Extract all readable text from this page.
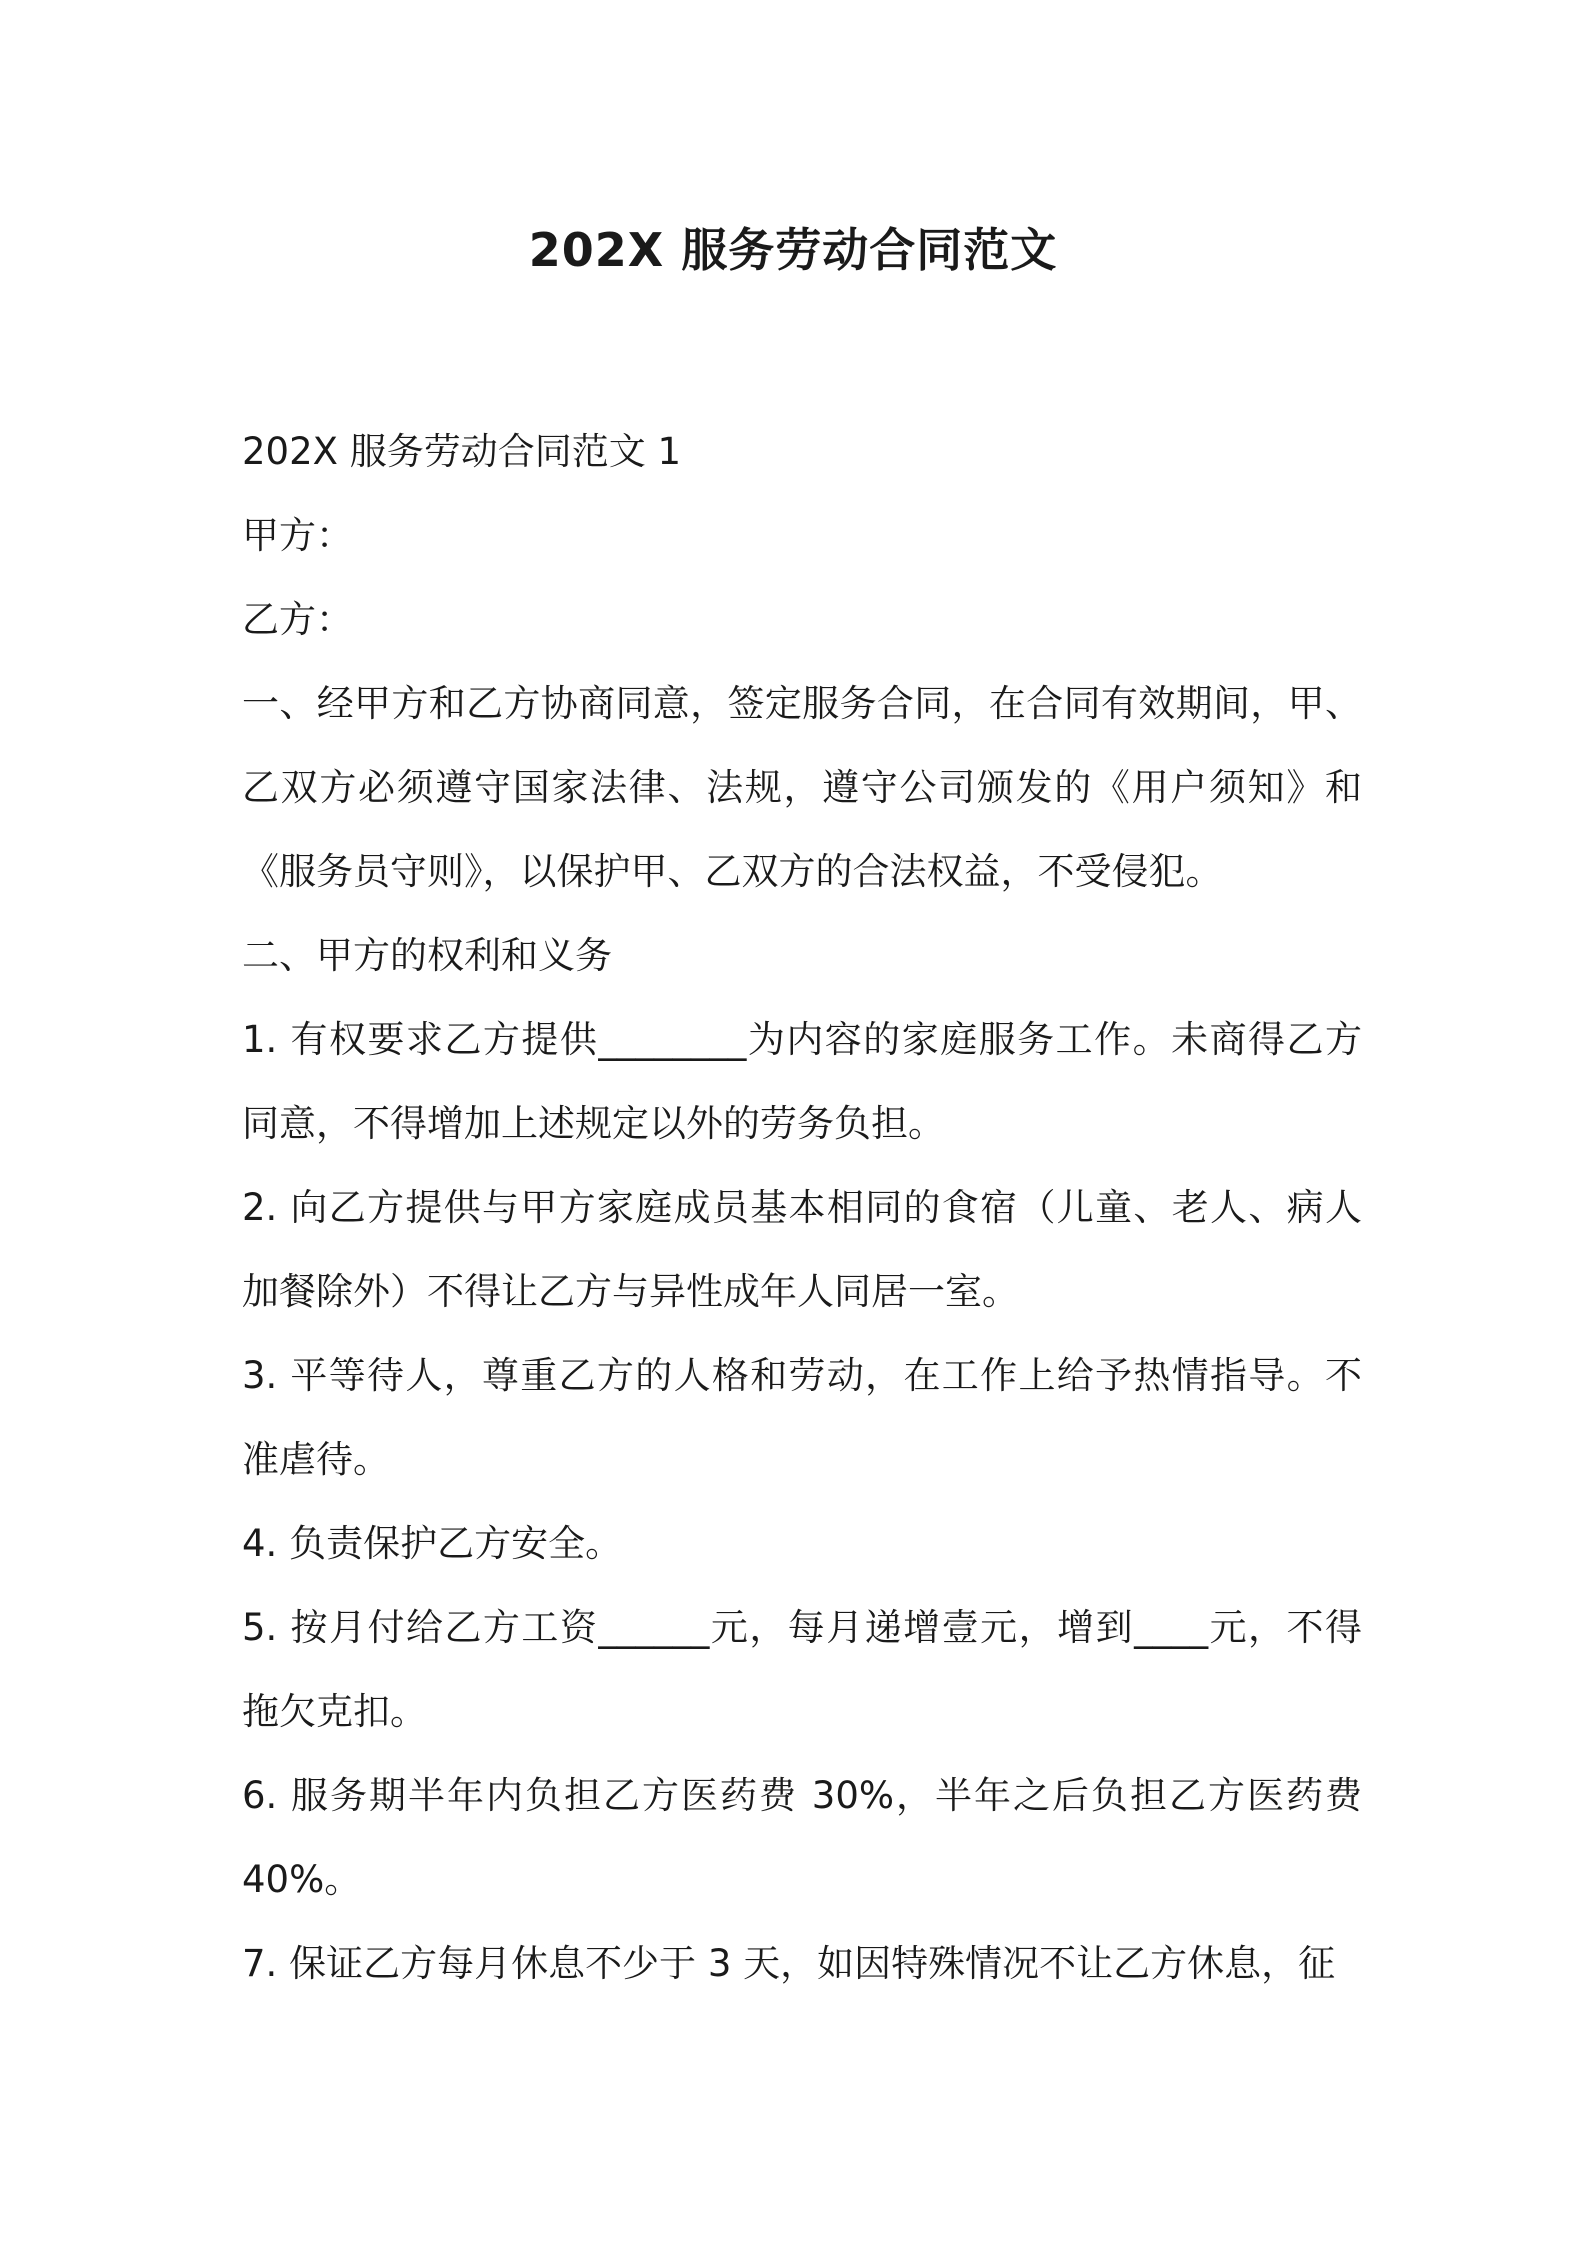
202X 服务劳动合同范文

202X 服务劳动合同范文 1

甲方：

乙方：

一、经甲方和乙方协商同意，签定服务合同，在合同有效期间，甲、乙双方必须遵守国家法律、法规，遵守公司颁发的《用户须知》和《服务员守则》，以保护甲、乙双方的合法权益，不受侵犯。

二、甲方的权利和义务

1. 有权要求乙方提供________为内容的家庭服务工作。未商得乙方同意，不得增加上述规定以外的劳务负担。

2. 向乙方提供与甲方家庭成员基本相同的食宿（儿童、老人、病人加餐除外）不得让乙方与异性成年人同居一室。

3. 平等待人，尊重乙方的人格和劳动，在工作上给予热情指导。不准虐待。

4. 负责保护乙方安全。

5. 按月付给乙方工资______元，每月递增壹元，增到____元，不得拖欠克扣。

6. 服务期半年内负担乙方医药费 30%，半年之后负担乙方医药费 40%。

7. 保证乙方每月休息不少于 3 天，如因特殊情况不让乙方休息，征
